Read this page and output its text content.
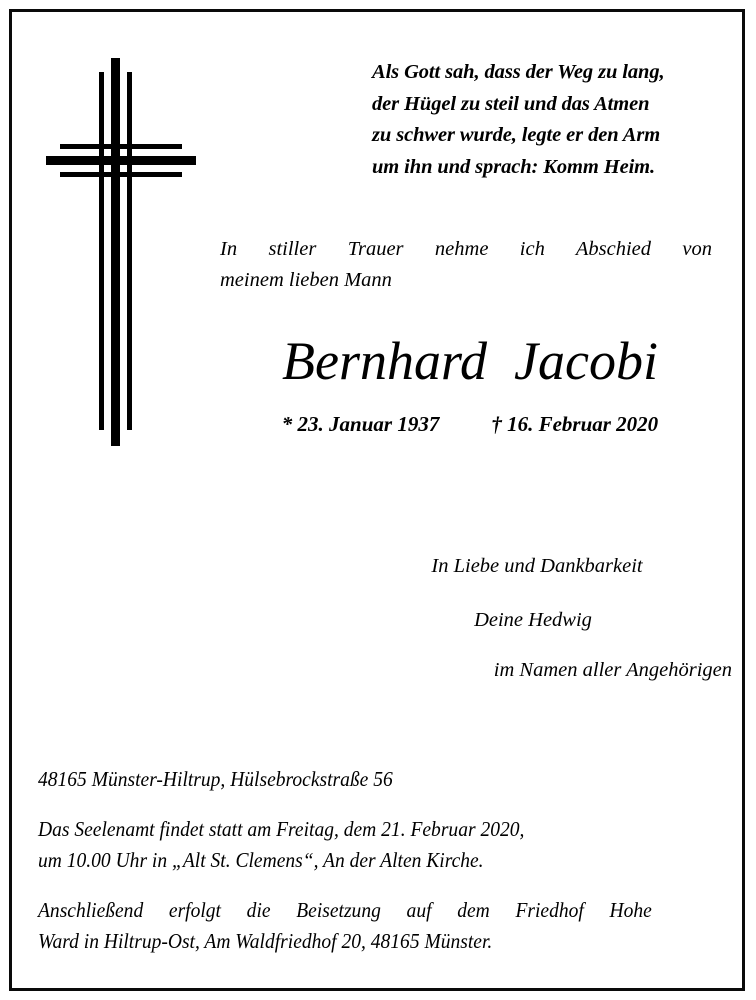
Als Gott sah, dass der Weg zu lang,
der Hügel zu steil und das Atmen
zu schwer wurde, legte er den Arm
um ihn und sprach: Komm Heim.
In stiller Trauer nehme ich Abschied von
meinem lieben Mann
Bernhard  Jacobi
* 23. Januar 1937 † 16. Februar 2020
In Liebe und Dankbarkeit
Deine Hedwig
im Namen aller Angehörigen
48165 Münster-Hiltrup, Hülsebrockstraße 56
Das Seelenamt findet statt am Freitag, dem 21. Februar 2020,
um 10.00 Uhr in „Alt St. Clemens“, An der Alten Kirche.
Anschließend erfolgt die Beisetzung auf dem Friedhof Hohe
Ward in Hiltrup-Ost, Am Waldfriedhof 20, 48165 Münster.
